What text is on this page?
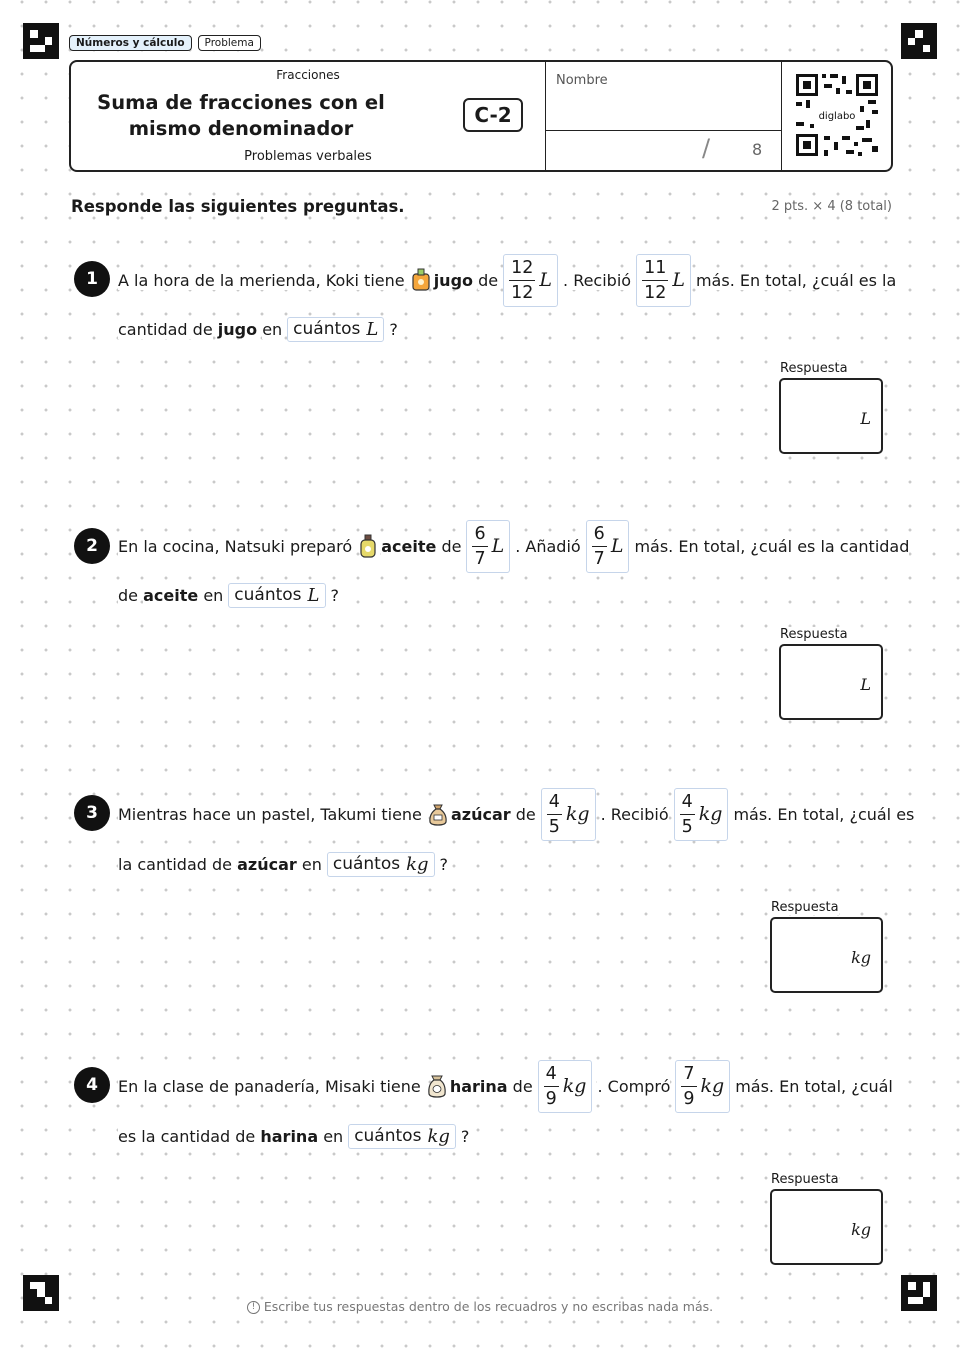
Números y cálculo	Problema
Fracciones
Suma de fracciones con el mismo denominador
C-2
Problemas verbales
Nombre
/	8
diglabo
Responde las siguientes preguntas.	2 pts. × 4 (8 total)
1	A la hora de la merienda, Koki tiene
jugo
de
12
12
L . Recibió
11
12
L más. En total, ¿cuál es la
cantidad de
jugo
en cuántos L ?
Respuesta
L
2	En la cocina, Natsuki preparó
aceite
de
6
7
L . Añadió
6
7
L más. En total, ¿cuál es la cantidad
de
aceite
en cuántos L ?
Respuesta
L
3	Mientras hace un pastel, Takumi tiene
azúcar
de
4
5
kg . Recibió
4
5
kg más. En total, ¿cuál es
la cantidad de
azúcar
en cuántos kg ?
Respuesta
kg
4	En la clase de panadería, Misaki tiene
harina
de
4
9
kg . Compró
7
9
kg más. En total, ¿cuál
es la cantidad de
harina
en cuántos kg ?
Respuesta
kg
! Escribe tus respuestas dentro de los recuadros y no escribas nada más.
